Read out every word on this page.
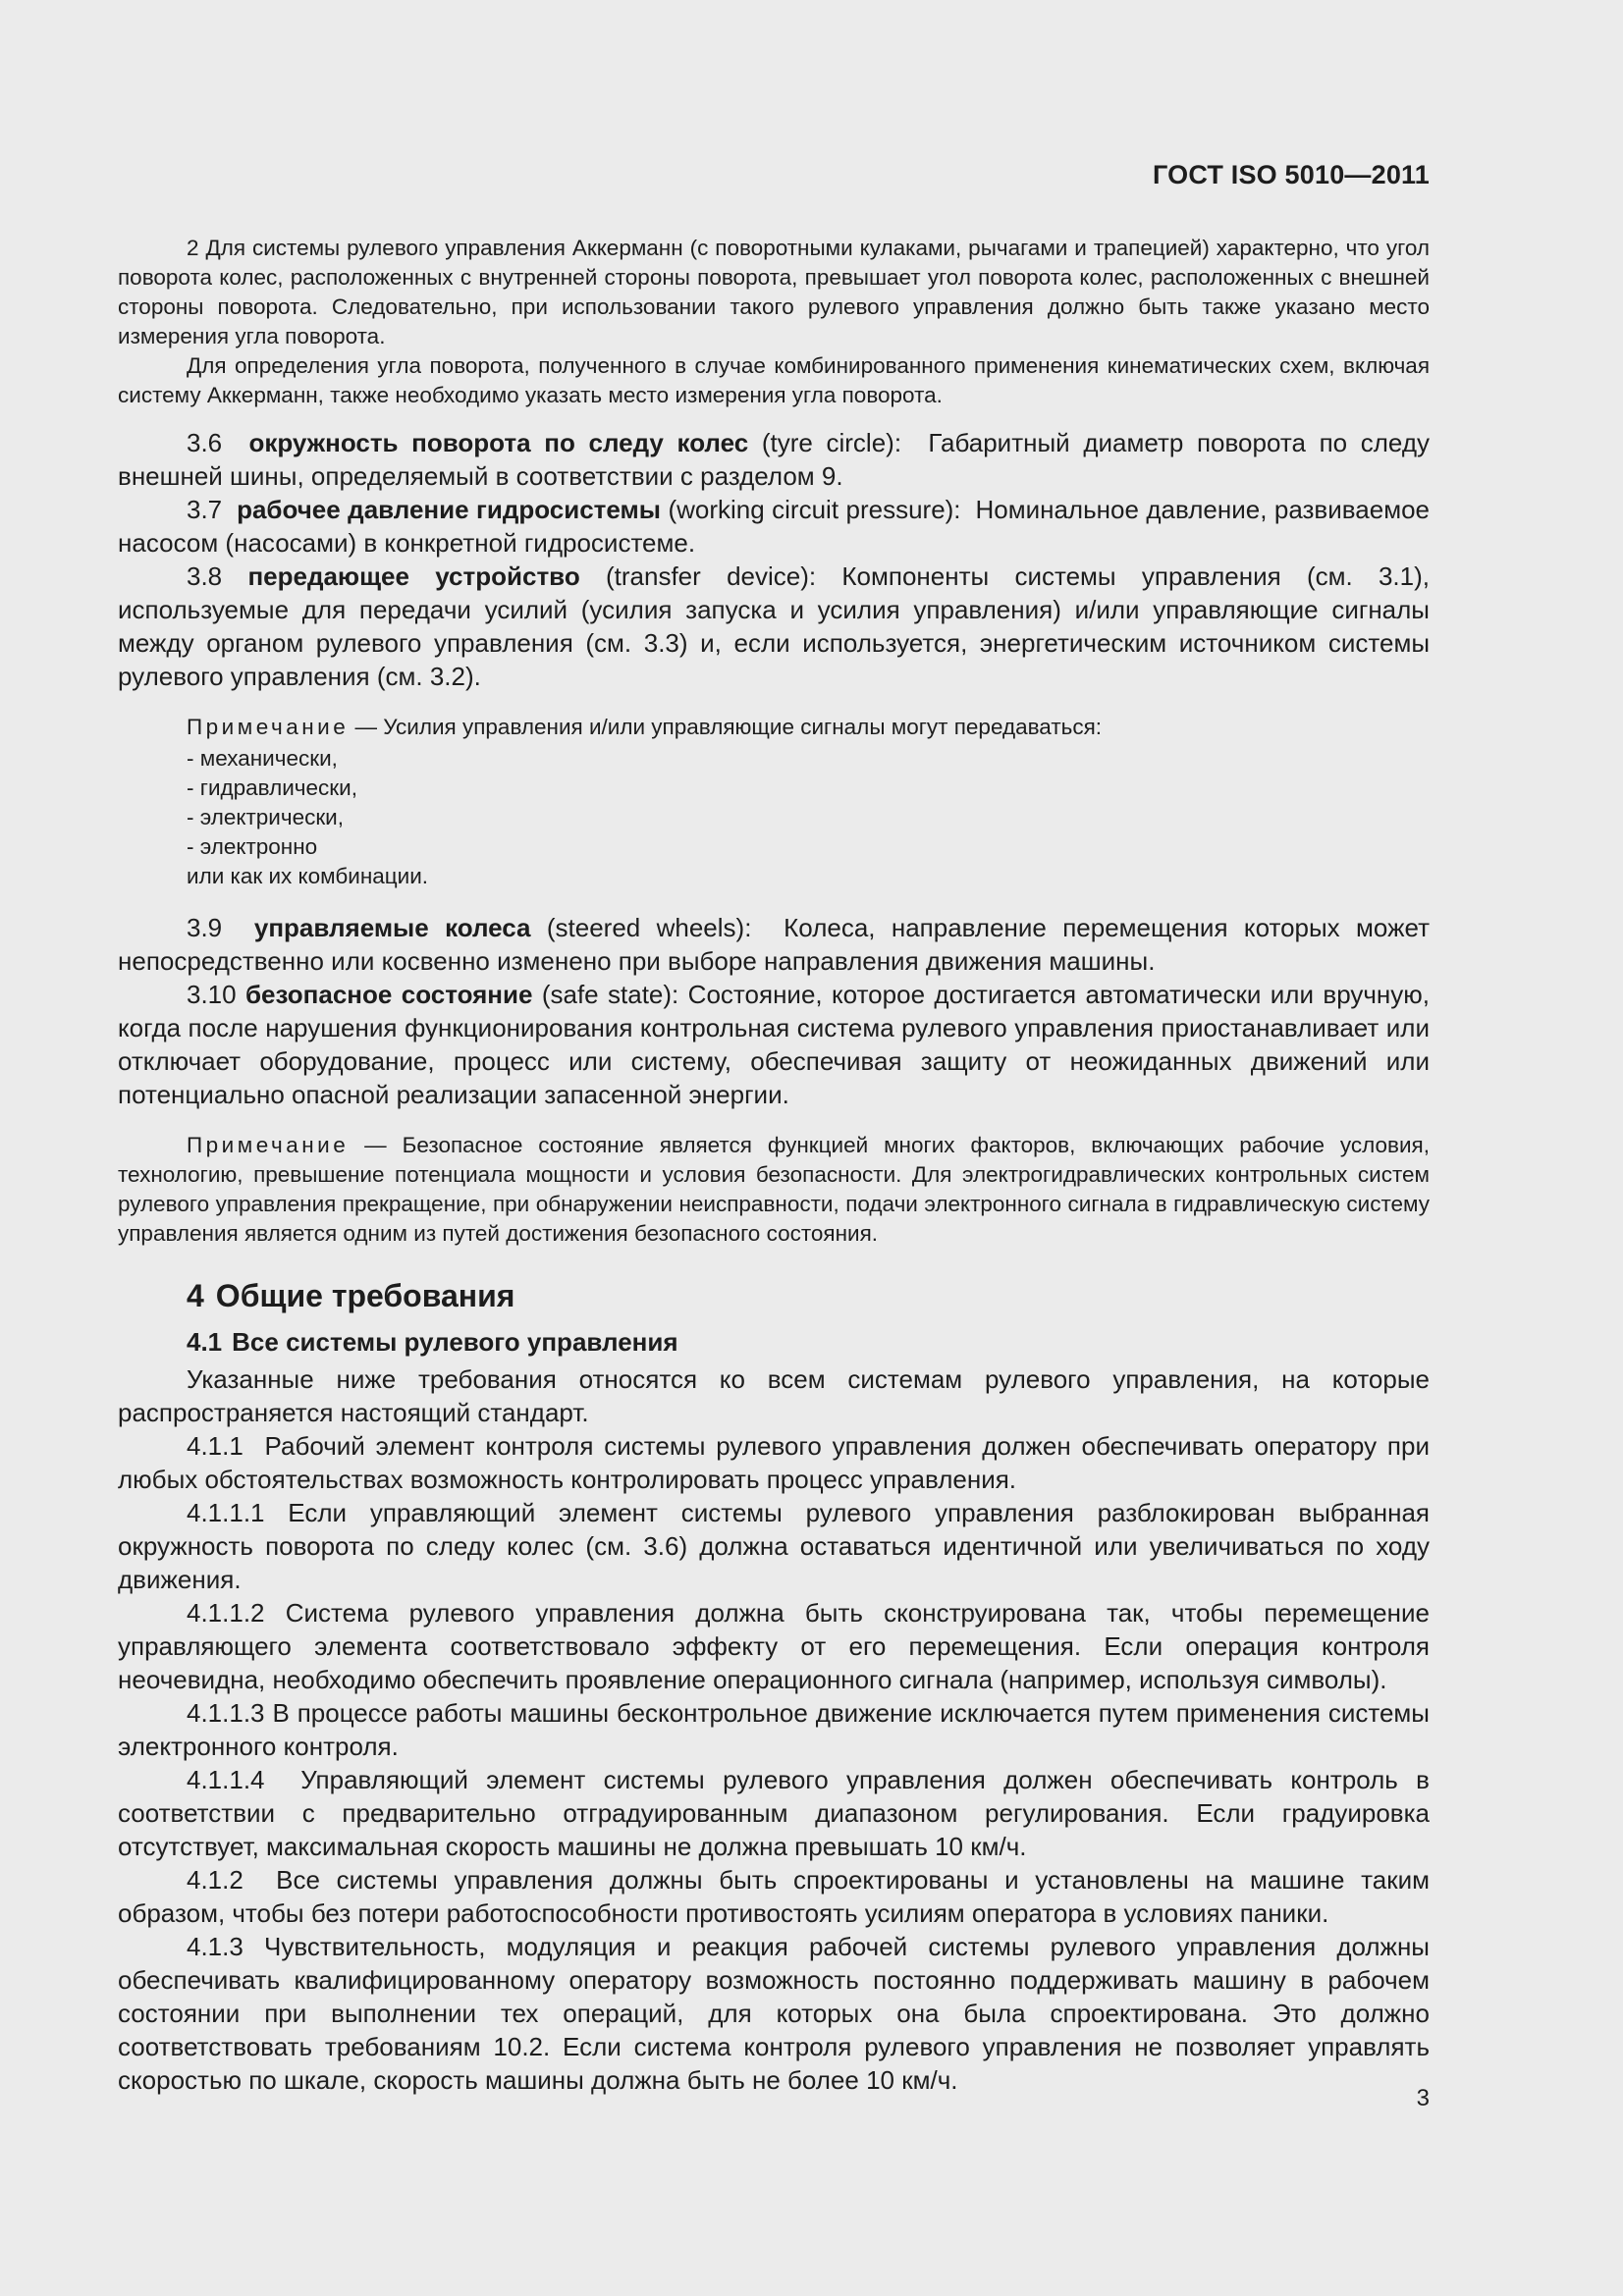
ГОСТ ISO 5010—2011

2 Для системы рулевого управления Аккерманн (с поворотными кулаками, рычагами и трапецией) характерно, что угол поворота колес, расположенных с внутренней стороны поворота, превышает угол поворота колес, расположенных с внешней стороны поворота. Следовательно, при использовании такого рулевого управления должно быть также указано место измерения угла поворота.

Для определения угла поворота, полученного в случае комбинированного применения кинематических схем, включая систему Аккерманн, также необходимо указать место измерения угла поворота.

3.6 окружность поворота по следу колес (tyre circle): Габаритный диаметр поворота по следу внешней шины, определяемый в соответствии с разделом 9.

3.7 рабочее давление гидросистемы (working circuit pressure): Номинальное давление, развиваемое насосом (насосами) в конкретной гидросистеме.

3.8 передающее устройство (transfer device): Компоненты системы управления (см. 3.1), используемые для передачи усилий (усилия запуска и усилия управления) и/или управляющие сигналы между органом рулевого управления (см. 3.3) и, если используется, энергетическим источником системы рулевого управления (см. 3.2).

Примечание — Усилия управления и/или управляющие сигналы могут передаваться:

- механически,

- гидравлически,

- электрически,

- электронно

или как их комбинации.

3.9 управляемые колеса (steered wheels): Колеса, направление перемещения которых может непосредственно или косвенно изменено при выборе направления движения машины.

3.10 безопасное состояние (safe state): Состояние, которое достигается автоматически или вручную, когда после нарушения функционирования контрольная система рулевого управления приостанавливает или отключает оборудование, процесс или систему, обеспечивая защиту от неожиданных движений или потенциально опасной реализации запасенной энергии.

Примечание — Безопасное состояние является функцией многих факторов, включающих рабочие условия, технологию, превышение потенциала мощности и условия безопасности. Для электрогидравлических контрольных систем рулевого управления прекращение, при обнаружении неисправности, подачи электронного сигнала в гидравлическую систему управления является одним из путей достижения безопасного состояния.

4 Общие требования
4.1 Все системы рулевого управления

Указанные ниже требования относятся ко всем системам рулевого управления, на которые распространяется настоящий стандарт.

4.1.1 Рабочий элемент контроля системы рулевого управления должен обеспечивать оператору при любых обстоятельствах возможность контролировать процесс управления.

4.1.1.1 Если управляющий элемент системы рулевого управления разблокирован выбранная окружность поворота по следу колес (см. 3.6) должна оставаться идентичной или увеличиваться по ходу движения.

4.1.1.2 Система рулевого управления должна быть сконструирована так, чтобы перемещение управляющего элемента соответствовало эффекту от его перемещения. Если операция контроля неочевидна, необходимо обеспечить проявление операционного сигнала (например, используя символы).

4.1.1.3 В процессе работы машины бесконтрольное движение исключается путем применения системы электронного контроля.

4.1.1.4 Управляющий элемент системы рулевого управления должен обеспечивать контроль в соответствии с предварительно отградуированным диапазоном регулирования. Если градуировка отсутствует, максимальная скорость машины не должна превышать 10 км/ч.

4.1.2 Все системы управления должны быть спроектированы и установлены на машине таким образом, чтобы без потери работоспособности противостоять усилиям оператора в условиях паники.

4.1.3 Чувствительность, модуляция и реакция рабочей системы рулевого управления должны обеспечивать квалифицированному оператору возможность постоянно поддерживать машину в рабочем состоянии при выполнении тех операций, для которых она была спроектирована. Это должно соответствовать требованиям 10.2. Если система контроля рулевого управления не позволяет управлять скоростью по шкале, скорость машины должна быть не более 10 км/ч.

3
